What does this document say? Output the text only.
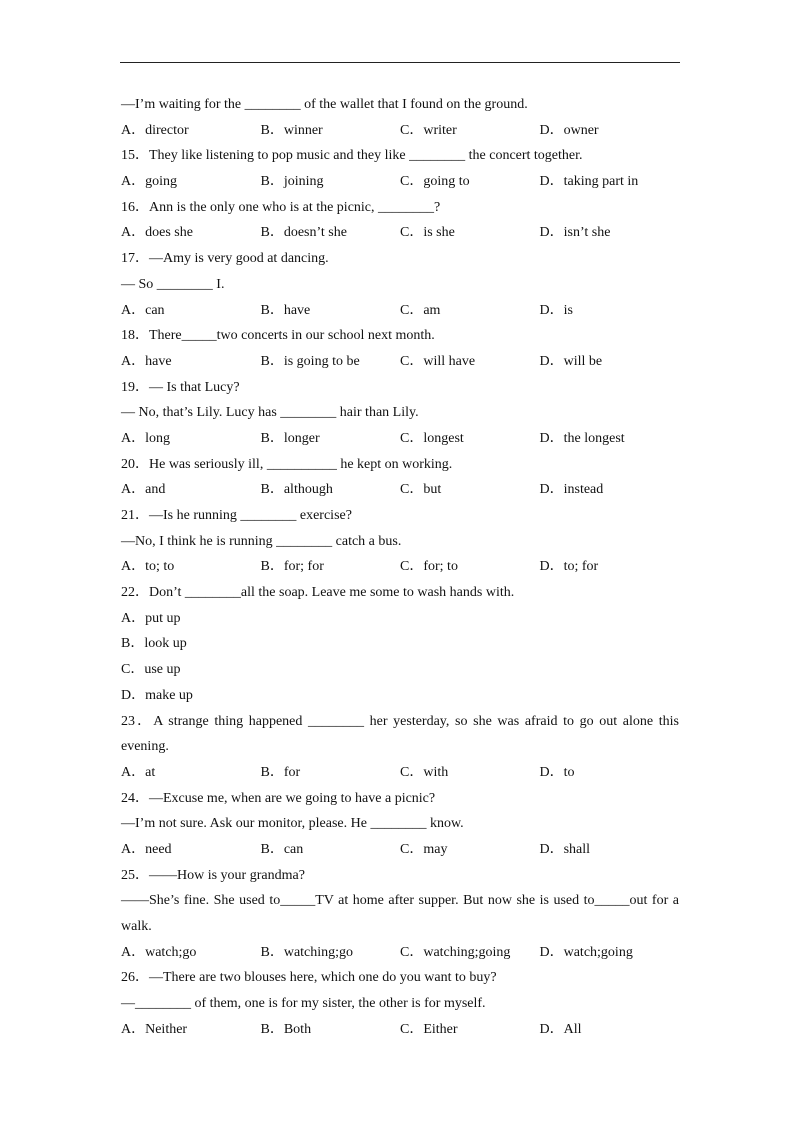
—I’m waiting for the ________ of the wallet that I found on the ground.
A．director	B．winner	C．writer	D．owner
15．They like listening to pop music and they like ________ the concert together.
A．going	B．joining	C．going to	D．taking part in
16．Ann is the only one who is at the picnic, ________?
A．does she	B．doesn’t she	C．is she	D．isn’t she
17．—Amy is very good at dancing.
— So ________ I.
A．can	B．have	C．am	D．is
18．There_____two concerts in our school next month.
A．have	B．is going to be	C．will have	D．will be
19．— Is that Lucy?
— No, that’s Lily. Lucy has ________ hair than Lily.
A．long	B．longer	C．longest	D．the longest
20．He was seriously ill, __________ he kept on working.
A．and	B．although	C．but	D．instead
21．—Is he running ________ exercise?
—No, I think he is running ________ catch a bus.
A．to; to	B．for; for	C．for; to	D．to; for
22．Don’t ________all the soap. Leave me some to wash hands with.
A．put up
B．look up
C．use up
D．make up
23．A strange thing happened ________ her yesterday, so she was afraid to go out alone this
evening.
A．at	B．for	C．with	D．to
24．—Excuse me, when are we going to have a picnic?
—I’m not sure. Ask our monitor, please. He ________ know.
A．need	B．can	C．may	D．shall
25．——How is your grandma?
——She’s fine. She used to_____TV at home after supper. But now she is used to_____out for a
walk.
A．watch;go	B．watching;go	C．watching;going	D．watch;going
26．—There are two blouses here, which one do you want to buy?
—________ of them, one is for my sister, the other is for myself.
A．Neither	B．Both	C．Either	D．All
